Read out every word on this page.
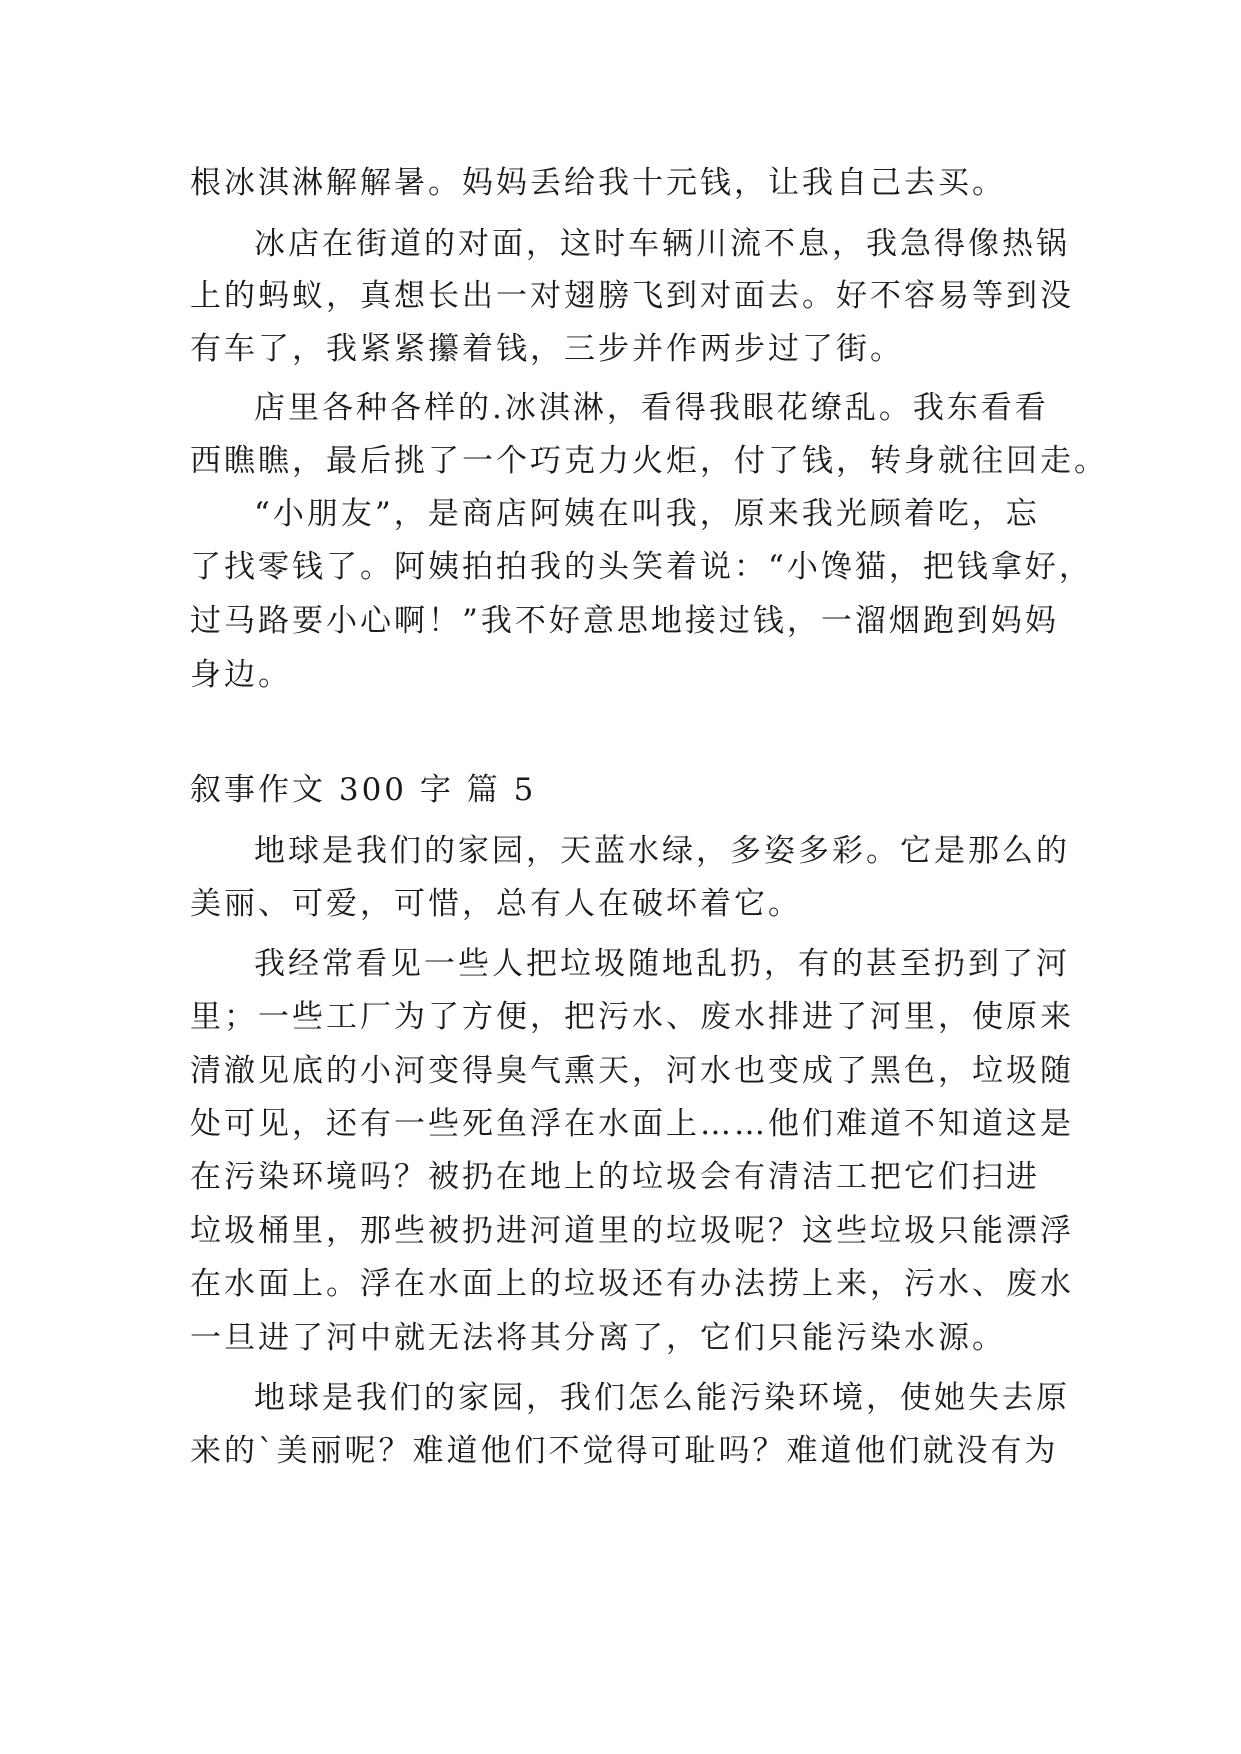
根冰淇淋解解暑。妈妈丢给我十元钱，让我自己去买。
冰店在街道的对面，这时车辆川流不息，我急得像热锅
上的蚂蚁，真想长出一对翅膀飞到对面去。好不容易等到没
有车了，我紧紧攥着钱，三步并作两步过了街。
店里各种各样的.冰淇淋，看得我眼花缭乱。我东看看
西瞧瞧，最后挑了一个巧克力火炬，付了钱，转身就往回走。
“小朋友”，是商店阿姨在叫我，原来我光顾着吃，忘
了找零钱了。阿姨拍拍我的头笑着说：“小馋猫，把钱拿好，
过马路要小心啊！”我不好意思地接过钱，一溜烟跑到妈妈
身边。
叙事作文 300 字 篇 5
地球是我们的家园，天蓝水绿，多姿多彩。它是那么的
美丽、可爱，可惜，总有人在破坏着它。
我经常看见一些人把垃圾随地乱扔，有的甚至扔到了河
里；一些工厂为了方便，把污水、废水排进了河里，使原来
清澈见底的小河变得臭气熏天，河水也变成了黑色，垃圾随
处可见，还有一些死鱼浮在水面上……他们难道不知道这是
在污染环境吗？被扔在地上的垃圾会有清洁工把它们扫进
垃圾桶里，那些被扔进河道里的垃圾呢？这些垃圾只能漂浮
在水面上。浮在水面上的垃圾还有办法捞上来，污水、废水
一旦进了河中就无法将其分离了，它们只能污染水源。
地球是我们的家园，我们怎么能污染环境，使她失去原
来的`美丽呢？难道他们不觉得可耻吗？难道他们就没有为
